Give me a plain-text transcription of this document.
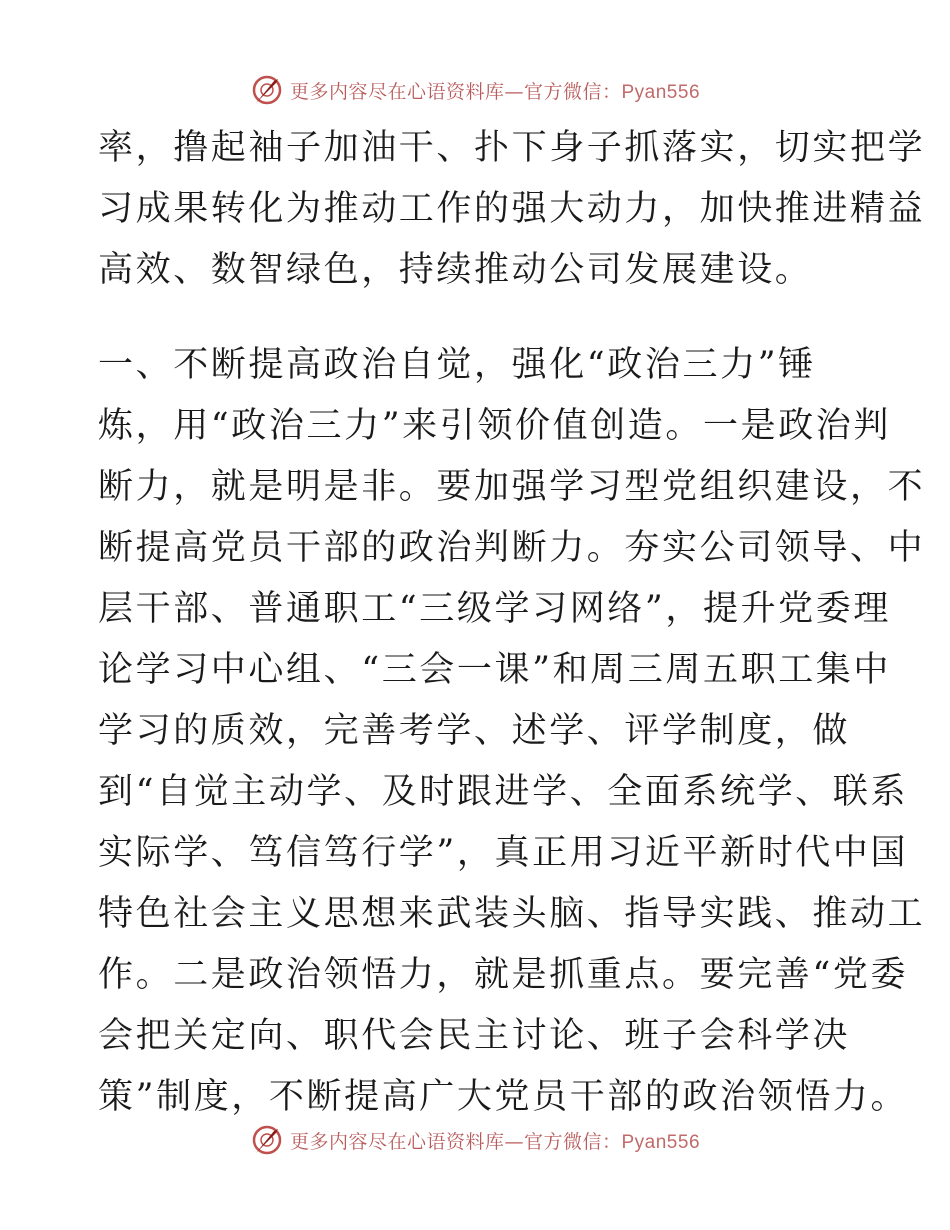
更多内容尽在心语资料库—官方微信：Pyan556
率，撸起袖子加油干、扑下身子抓落实，切实把学
习成果转化为推动工作的强大动力，加快推进精益
高效、数智绿色，持续推动公司发展建设。
一、不断提高政治自觉，强化“政治三力”锤
炼，用“政治三力”来引领价值创造。一是政治判
断力，就是明是非。要加强学习型党组织建设，不
断提高党员干部的政治判断力。夯实公司领导、中
层干部、普通职工“三级学习网络”，提升党委理
论学习中心组、“三会一课”和周三周五职工集中
学习的质效，完善考学、述学、评学制度，做
到“自觉主动学、及时跟进学、全面系统学、联系
实际学、笃信笃行学”，真正用习近平新时代中国
特色社会主义思想来武装头脑、指导实践、推动工
作。二是政治领悟力，就是抓重点。要完善“党委
会把关定向、职代会民主讨论、班子会科学决
策”制度，不断提高广大党员干部的政治领悟力。
更多内容尽在心语资料库—官方微信：Pyan556
